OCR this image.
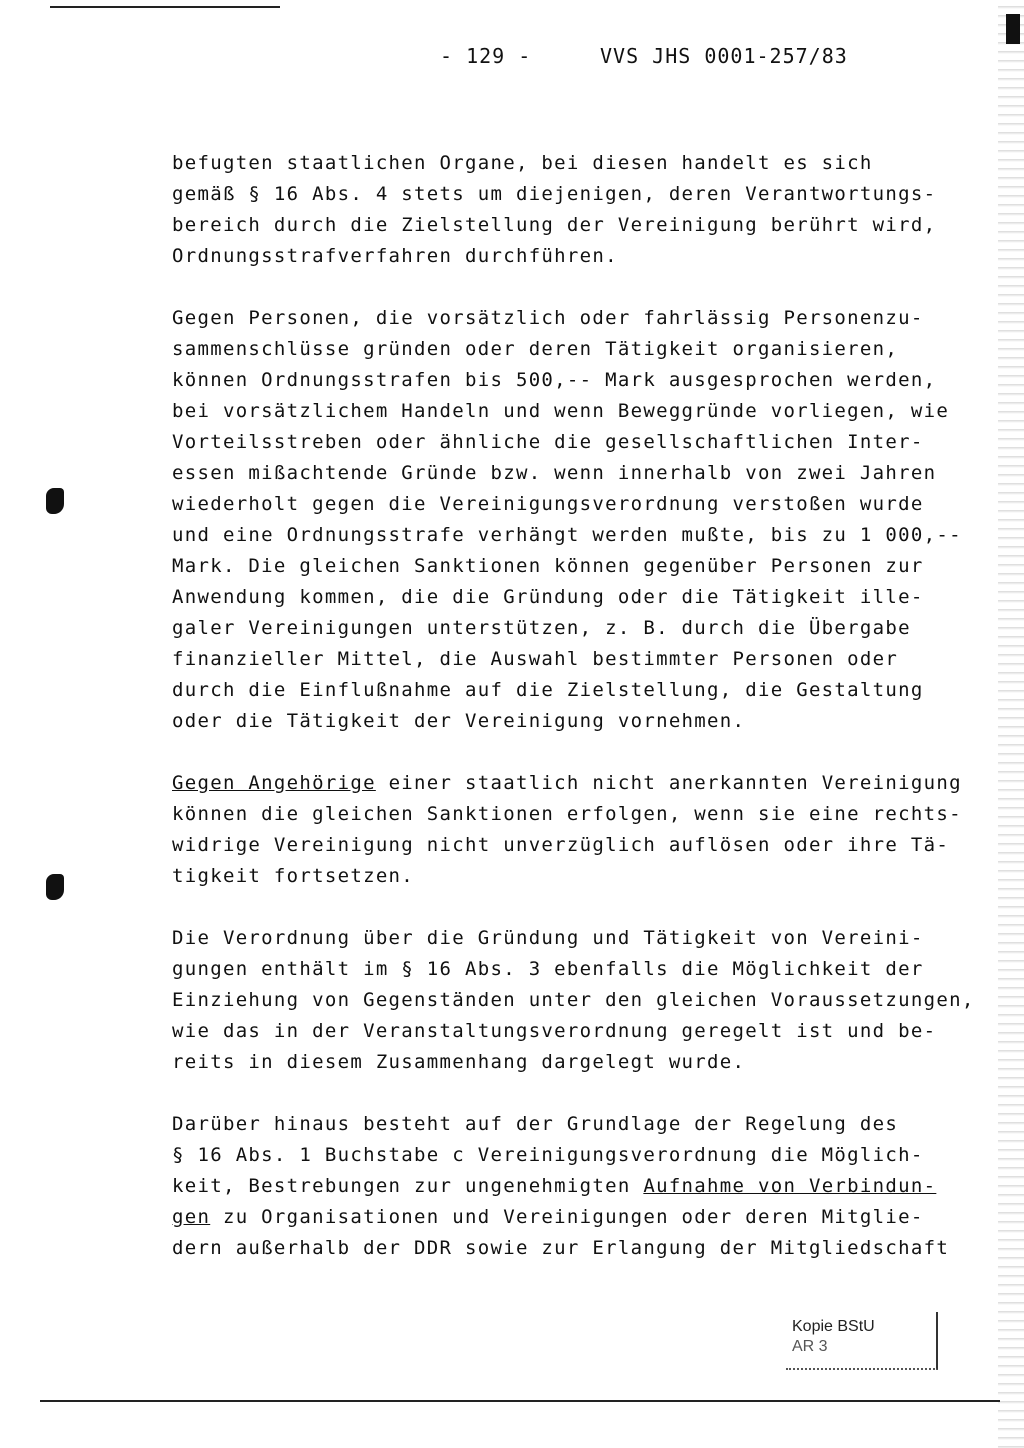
- 129 -	VVS JHS 0001-257/83
befugten staatlichen Organe, bei diesen handelt es sich
gemäß § 16 Abs. 4 stets um diejenigen, deren Verantwortungs-
bereich durch die Zielstellung der Vereinigung berührt wird,
Ordnungsstrafverfahren durchführen.
Gegen Personen, die vorsätzlich oder fahrlässig Personenzu-
sammenschlüsse gründen oder deren Tätigkeit organisieren,
können Ordnungsstrafen bis 500,-- Mark ausgesprochen werden,
bei vorsätzlichem Handeln und wenn Beweggründe vorliegen, wie
Vorteilsstreben oder ähnliche die gesellschaftlichen Inter-
essen mißachtende Gründe bzw. wenn innerhalb von zwei Jahren
wiederholt gegen die Vereinigungsverordnung verstoßen wurde
und eine Ordnungsstrafe verhängt werden mußte, bis zu 1 000,--
Mark. Die gleichen Sanktionen können gegenüber Personen zur
Anwendung kommen, die die Gründung oder die Tätigkeit ille-
galer Vereinigungen unterstützen, z. B. durch die Übergabe
finanzieller Mittel, die Auswahl bestimmter Personen oder
durch die Einflußnahme auf die Zielstellung, die Gestaltung
oder die Tätigkeit der Vereinigung vornehmen.
Gegen Angehörige einer staatlich nicht anerkannten Vereinigung
können die gleichen Sanktionen erfolgen, wenn sie eine rechts-
widrige Vereinigung nicht unverzüglich auflösen oder ihre Tä-
tigkeit fortsetzen.
Die Verordnung über die Gründung und Tätigkeit von Vereini-
gungen enthält im § 16 Abs. 3 ebenfalls die Möglichkeit der
Einziehung von Gegenständen unter den gleichen Voraussetzungen,
wie das in der Veranstaltungsverordnung geregelt ist und be-
reits in diesem Zusammenhang dargelegt wurde.
Darüber hinaus besteht auf der Grundlage der Regelung des
§ 16 Abs. 1 Buchstabe c Vereinigungsverordnung die Möglich-
keit, Bestrebungen zur ungenehmigten Aufnahme von Verbindun-
gen zu Organisationen und Vereinigungen oder deren Mitglie-
dern außerhalb der DDR sowie zur Erlangung der Mitgliedschaft
Kopie BStU
AR 3
